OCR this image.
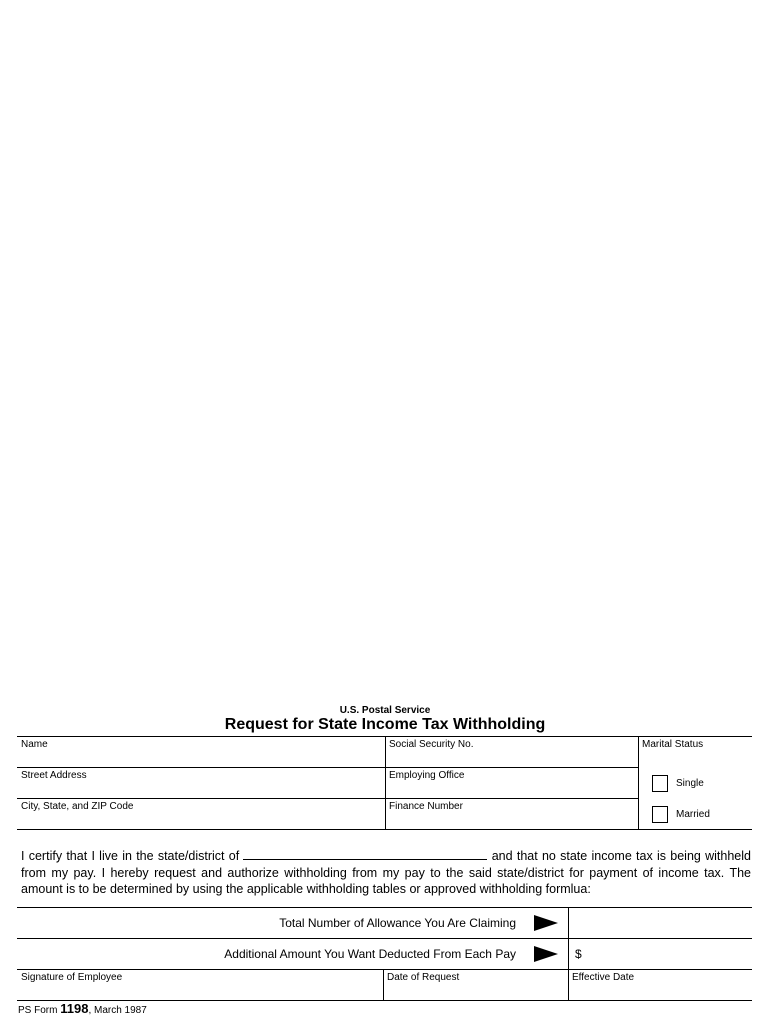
U.S. Postal Service
Request for State Income Tax Withholding
Name	Social Security No.	Marital Status
Street Address	Employing Office
Single
City, State, and ZIP Code	Finance Number
Married
I certify that I live in the state/district of	and that no state income tax is being withheld
from my pay. I hereby request and authorize withholding from my pay to the said state/district for payment of income tax. The
amount is to be determined by using the applicable withholding tables or approved withholding formlua:
Total Number of Allowance You Are Claiming
Additional Amount You Want Deducted From Each Pay	$
Signature of Employee	Date of Request	Effective Date
PS Form 1198, March 1987
